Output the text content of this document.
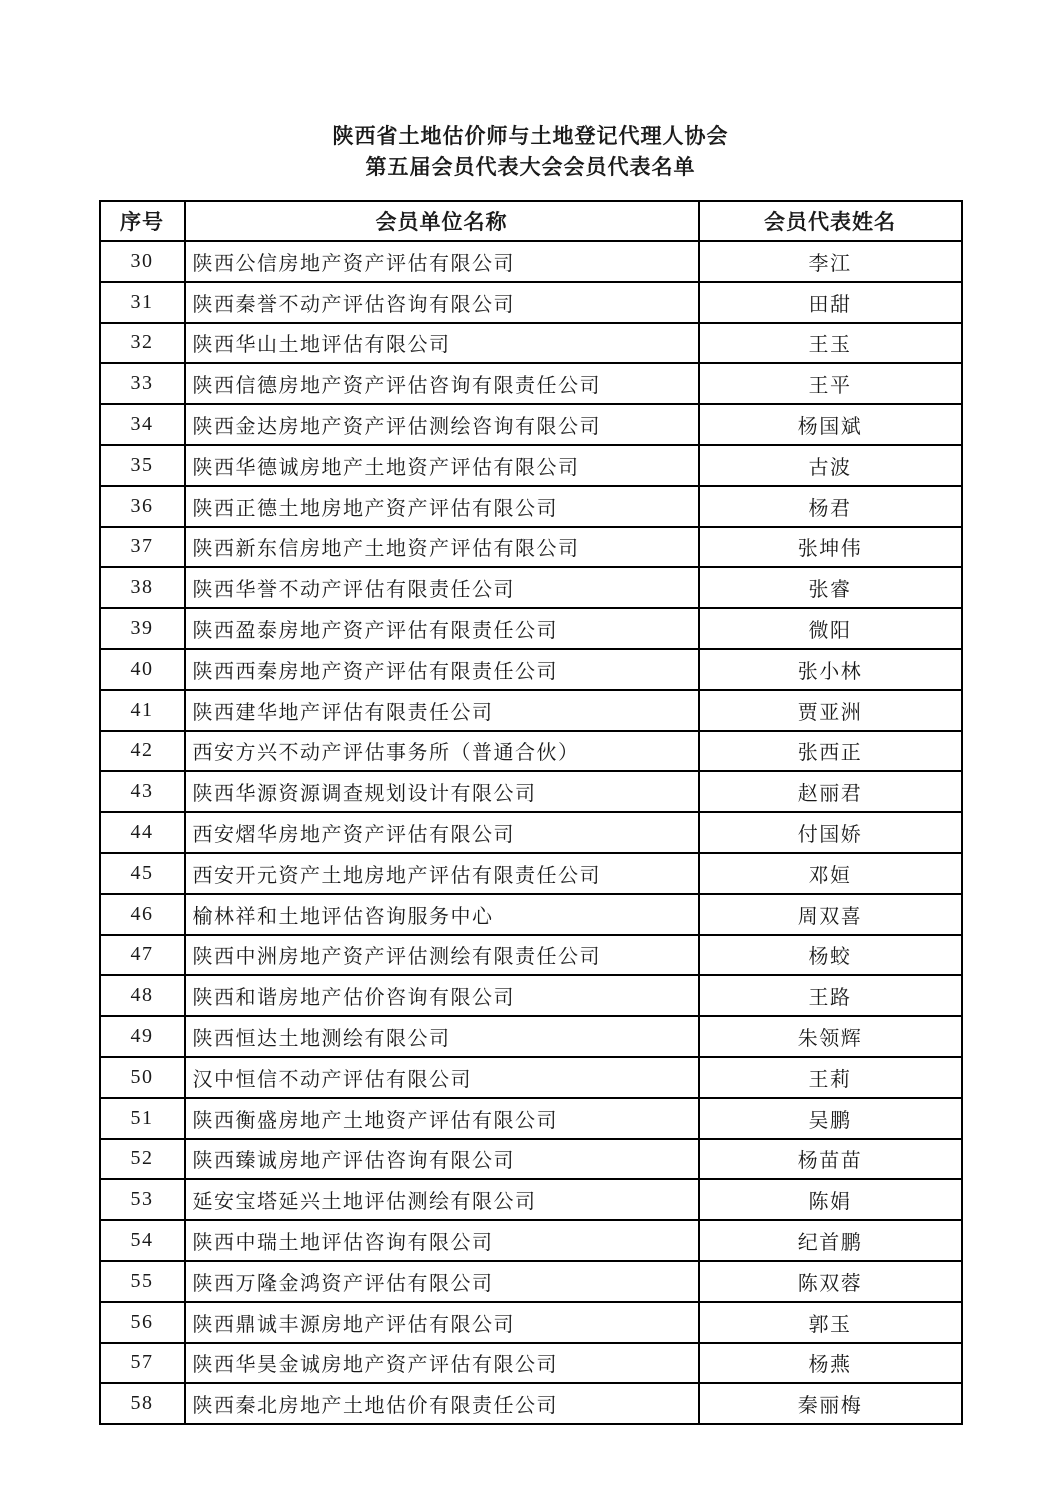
陕西省土地估价师与土地登记代理人协会
第五届会员代表大会会员代表名单
序号	会员单位名称	会员代表姓名
30	陕西公信房地产资产评估有限公司	李江
31	陕西秦誉不动产评估咨询有限公司	田甜
32	陕西华山土地评估有限公司	王玉
33	陕西信德房地产资产评估咨询有限责任公司	王平
34	陕西金达房地产资产评估测绘咨询有限公司	杨国斌
35	陕西华德诚房地产土地资产评估有限公司	古波
36	陕西正德土地房地产资产评估有限公司	杨君
37	陕西新东信房地产土地资产评估有限公司	张坤伟
38	陕西华誉不动产评估有限责任公司	张睿
39	陕西盈泰房地产资产评估有限责任公司	微阳
40	陕西西秦房地产资产评估有限责任公司	张小林
41	陕西建华地产评估有限责任公司	贾亚洲
42	西安方兴不动产评估事务所（普通合伙）	张西正
43	陕西华源资源调查规划设计有限公司	赵丽君
44	西安熠华房地产资产评估有限公司	付国娇
45	西安开元资产土地房地产评估有限责任公司	邓姮
46	榆林祥和土地评估咨询服务中心	周双喜
47	陕西中洲房地产资产评估测绘有限责任公司	杨蛟
48	陕西和谐房地产估价咨询有限公司	王路
49	陕西恒达土地测绘有限公司	朱领辉
50	汉中恒信不动产评估有限公司	王莉
51	陕西衡盛房地产土地资产评估有限公司	吴鹏
52	陕西臻诚房地产评估咨询有限公司	杨苗苗
53	延安宝塔延兴土地评估测绘有限公司	陈娟
54	陕西中瑞土地评估咨询有限公司	纪首鹏
55	陕西万隆金鸿资产评估有限公司	陈双蓉
56	陕西鼎诚丰源房地产评估有限公司	郭玉
57	陕西华昊金诚房地产资产评估有限公司	杨燕
58	陕西秦北房地产土地估价有限责任公司	秦丽梅
